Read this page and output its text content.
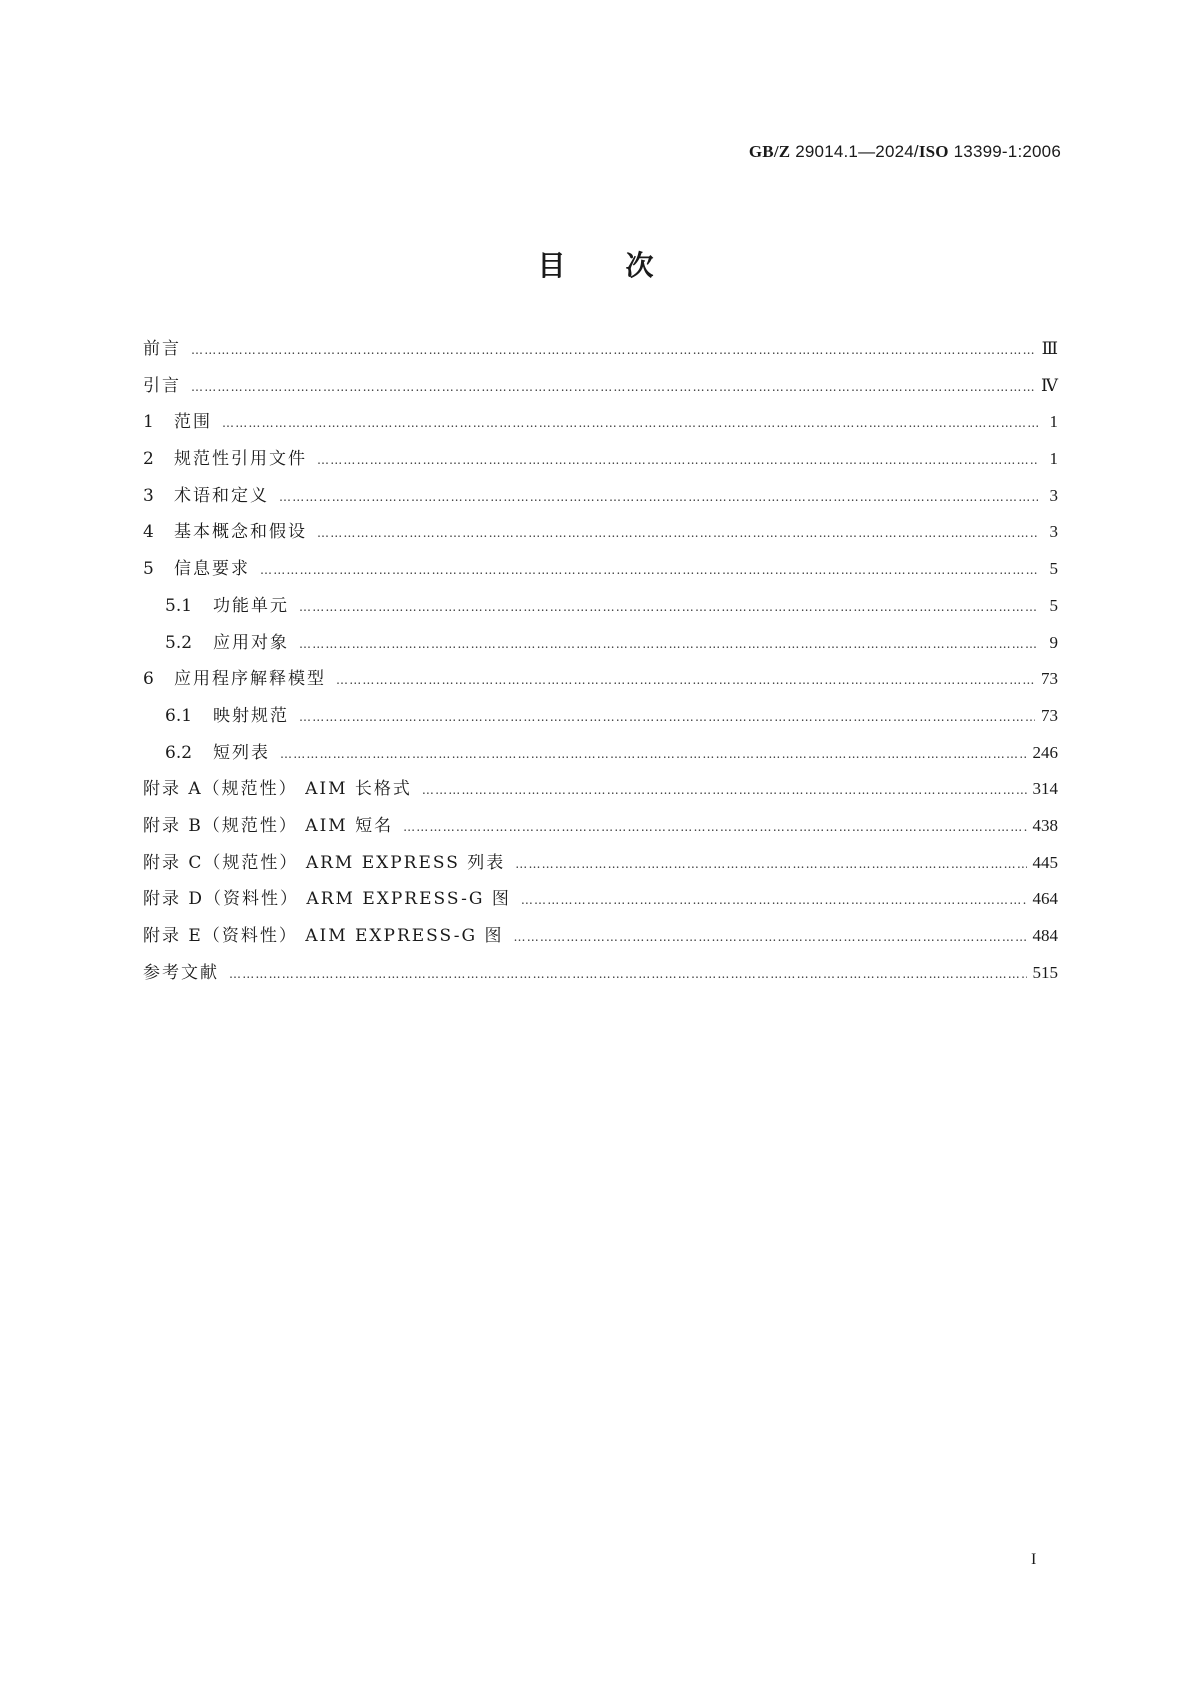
GB/Z 29014.1—2024/ISO 13399-1:2006
目次
前言 …………………………………………………………………………………………………………………………………………………………………………………………………………………………	Ⅲ
引言 …………………………………………………………………………………………………………………………………………………………………………………………………………………………	Ⅳ
1	范围 …………………………………………………………………………………………………………………………………………………………………………………………………………………………	1
2	规范性引用文件 …………………………………………………………………………………………………………………………………………………………………………………………………………………………	1
3	术语和定义 …………………………………………………………………………………………………………………………………………………………………………………………………………………………	3
4	基本概念和假设 …………………………………………………………………………………………………………………………………………………………………………………………………………………………	3
5	信息要求 …………………………………………………………………………………………………………………………………………………………………………………………………………………………	5
5.1	功能单元 …………………………………………………………………………………………………………………………………………………………………………………………………………………………	5
5.2	应用对象 …………………………………………………………………………………………………………………………………………………………………………………………………………………………	9
6	应用程序解释模型 …………………………………………………………………………………………………………………………………………………………………………………………………………………………	73
6.1	映射规范 …………………………………………………………………………………………………………………………………………………………………………………………………………………………	73
6.2	短列表 …………………………………………………………………………………………………………………………………………………………………………………………………………………………	246
附录 A（规范性） AIM 长格式 …………………………………………………………………………………………………………………………………………………………………………………………………………………………	314
附录 B（规范性） AIM 短名 …………………………………………………………………………………………………………………………………………………………………………………………………………………………	438
附录 C（规范性） ARM EXPRESS 列表 …………………………………………………………………………………………………………………………………………………………………………………………………………………………	445
附录 D（资料性） ARM EXPRESS-G 图 …………………………………………………………………………………………………………………………………………………………………………………………………………………………	464
附录 E（资料性） AIM EXPRESS-G 图 …………………………………………………………………………………………………………………………………………………………………………………………………………………………	484
参考文献 …………………………………………………………………………………………………………………………………………………………………………………………………………………………	515
I
